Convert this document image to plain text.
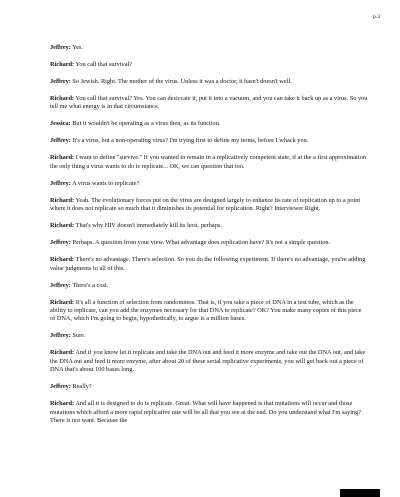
p.3

Jeffrey: Yes.

Richard: You call that survival?

Jeffrey: So Jewish. Right. The mother of the virus. Unless it was a doctor, it hasn't doesn't well.

Richard: You call that survival? Yes. You can desiccate it, put it into a vacuum, and you can take it back up as a virus. So you tell me what energy is in that circumstance.

Jessica: But it wouldn't be operating as a virus then, as its function.

Jeffrey: It's a virus, but a non-operating virus? I'm trying first to define my terms, before I whack you.

Richard: I want to define "survive." If you wanted to remain in a replicatively competent state, if at the a first approximation the only thing a virus wants to do is replicate... OK, we can question that too.

Jeffrey: A virus wants to replicate?

Richard: Yeah. The evolutionary forces put on the virus are designed largely to enhance its rate of replication up to a point where it does not replicate so much that it diminishes its potential for replication. Right? Interviewer Right.

Richard: That's why HIV doesn't immediately kill its host, perhaps.

Jeffrey: Perhaps. A question from your view. What advantage does replication have? It's not a simple question.

Richard: There's no advantage. There's selection. So you do the following experiment. If there's no advantage, you're adding value judgments to all of this.

Jeffrey: There's a cost.

Richard: It's all a function of selection from randomness. That is, if you take a piece of DNA in a test tube, which as the ability to replicate, can you add the enzymes necessary for that DNA to replicate? OK? You make many copies of this piece of DNA, which I'm going to begin, hypothetically, to argue is a million bases.

Jeffrey: Sure.

Richard: And if you know let it replicate and take the DNA out and feed it more enzyme and take out the DNA out, and take the DNA out and feed it more enzyme, after about 20 of these serial replicative experiments, you will get back out a piece of DNA that's about 100 bases long.

Jeffrey: Really?

Richard: And all it is designed to do is replicate. Great. What will have happened is that mutations will occur and those mutations which afford a more rapid replicative rate will be all that you see at the end. Do you understand what I'm saying? There is not want. Because the
